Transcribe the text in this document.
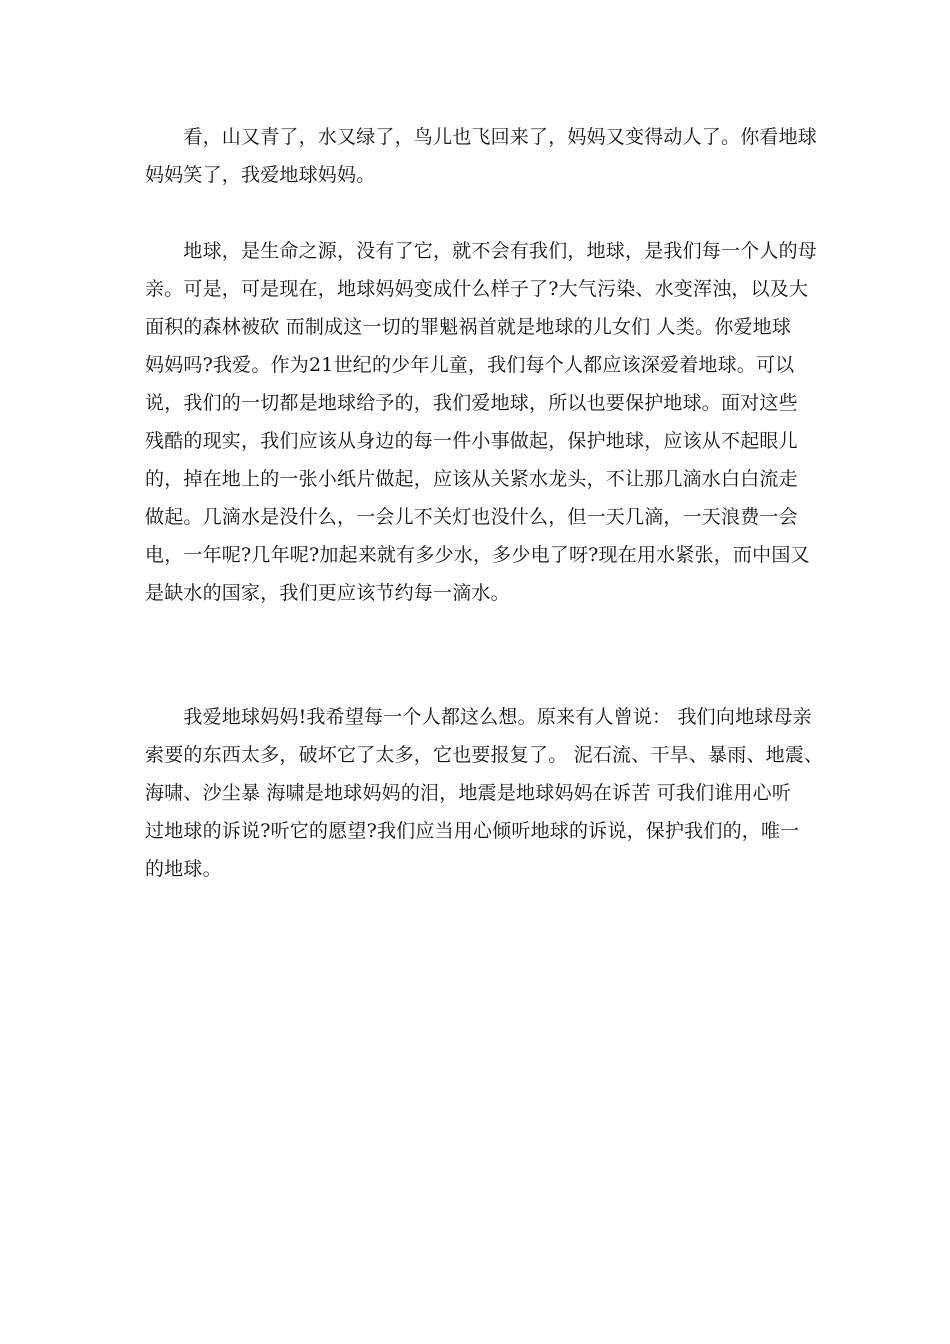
　　看，山又青了，水又绿了，鸟儿也飞回来了，妈妈又变得动人了。你看地球
妈妈笑了，我爱地球妈妈。
　　地球，是生命之源，没有了它，就不会有我们，地球，是我们每一个人的母
亲。可是，可是现在，地球妈妈变成什么样子了?大气污染、水变浑浊，以及大
面积的森林被砍 而制成这一切的罪魁祸首就是地球的儿女们 人类。你爱地球
妈妈吗?我爱。作为21世纪的少年儿童，我们每个人都应该深爱着地球。可以
说，我们的一切都是地球给予的，我们爱地球，所以也要保护地球。面对这些
残酷的现实，我们应该从身边的每一件小事做起，保护地球，应该从不起眼儿
的，掉在地上的一张小纸片做起，应该从关紧水龙头，不让那几滴水白白流走
做起。几滴水是没什么，一会儿不关灯也没什么，但一天几滴，一天浪费一会
电，一年呢?几年呢?加起来就有多少水，多少电了呀?现在用水紧张，而中国又
是缺水的国家，我们更应该节约每一滴水。
　　我爱地球妈妈!我希望每一个人都这么想。原来有人曾说： 我们向地球母亲
索要的东西太多，破坏它了太多，它也要报复了。 泥石流、干旱、暴雨、地震、
海啸、沙尘暴 海啸是地球妈妈的泪，地震是地球妈妈在诉苦 可我们谁用心听
过地球的诉说?听它的愿望?我们应当用心倾听地球的诉说，保护我们的，唯一
的地球。
